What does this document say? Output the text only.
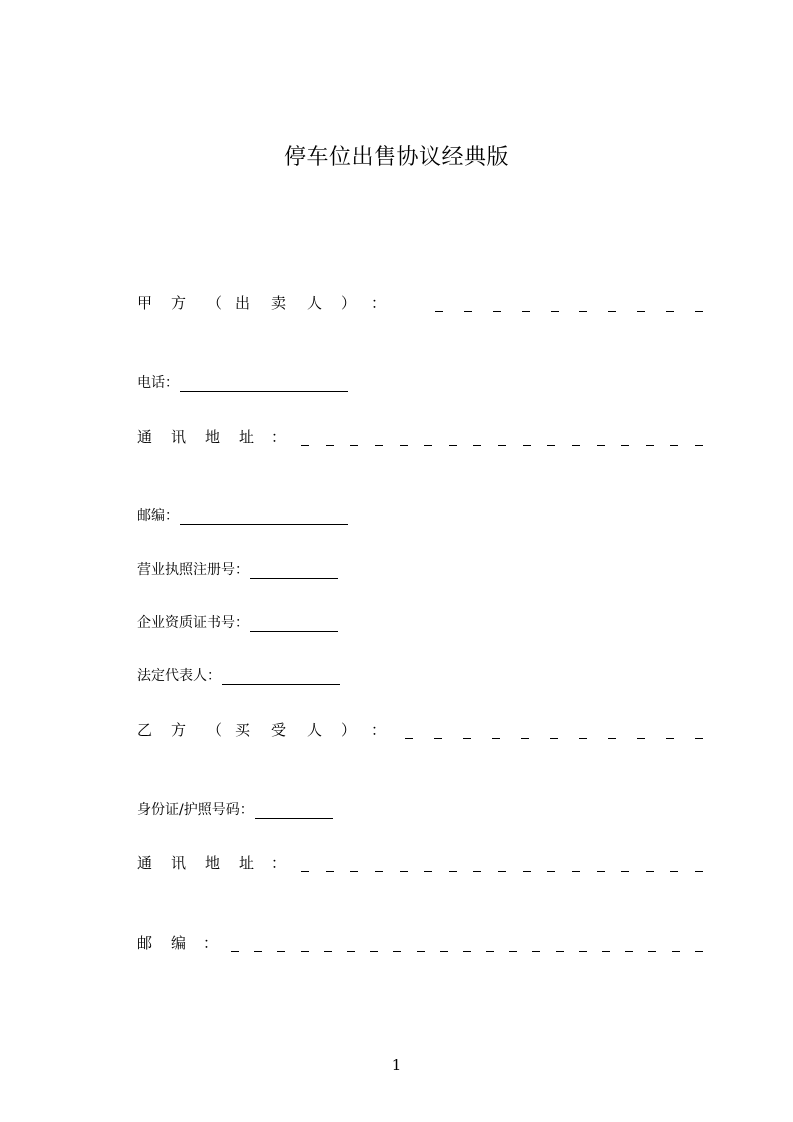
停车位出售协议经典版
甲	方	（ 出	卖	人	） ：
电话：
通	讯	地	址	：
邮编：
营业执照注册号：
企业资质证书号：
法定代表人：
乙	方	（ 买	受	人	） ：
身份证/护照号码：
通	讯	地	址	：
邮	编	：
1
